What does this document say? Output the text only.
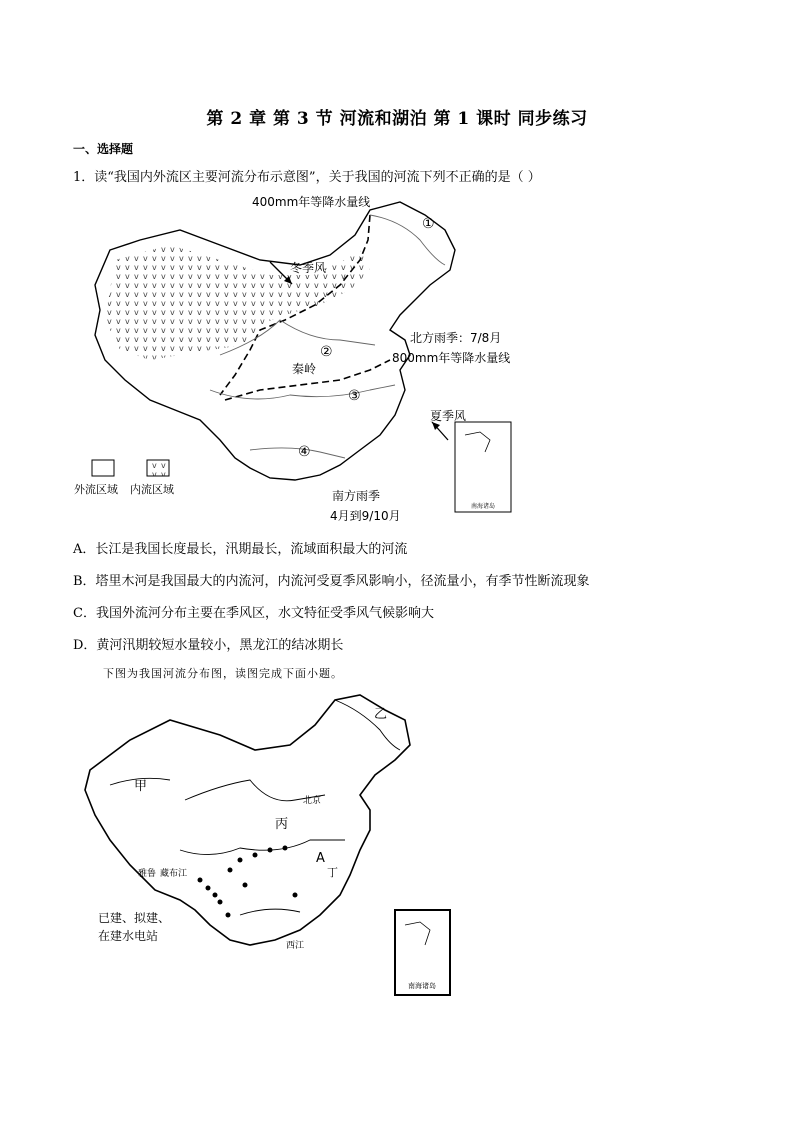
第 2 章 第 3 节 河流和湖泊 第 1 课时 同步练习
一、选择题
1．读“我国内外流区主要河流分布示意图”，关于我国的河流下列不正确的是（ ）
南海诸岛
外流区域 内流区域
400mm年等降水量线
冬季风
北方雨季：7/8月
800mm年等降水量线
秦岭
夏季风
南方雨季
4月到9/10月
①
②
③
④
A．长江是我国长度最长，汛期最长，流域面积最大的河流
B．塔里木河是我国最大的内流河，内流河受夏季风影响小，径流量小，有季节性断流现象
C．我国外流河分布主要在季风区，水文特征受季风气候影响大
D．黄河汛期较短水量较小，黑龙江的结冰期长
下图为我国河流分布图，读图完成下面小题。
南海诸岛
乙
甲
北京
丙
A
丁
雅鲁 藏布江
已建、拟建、
在建水电站
西江
